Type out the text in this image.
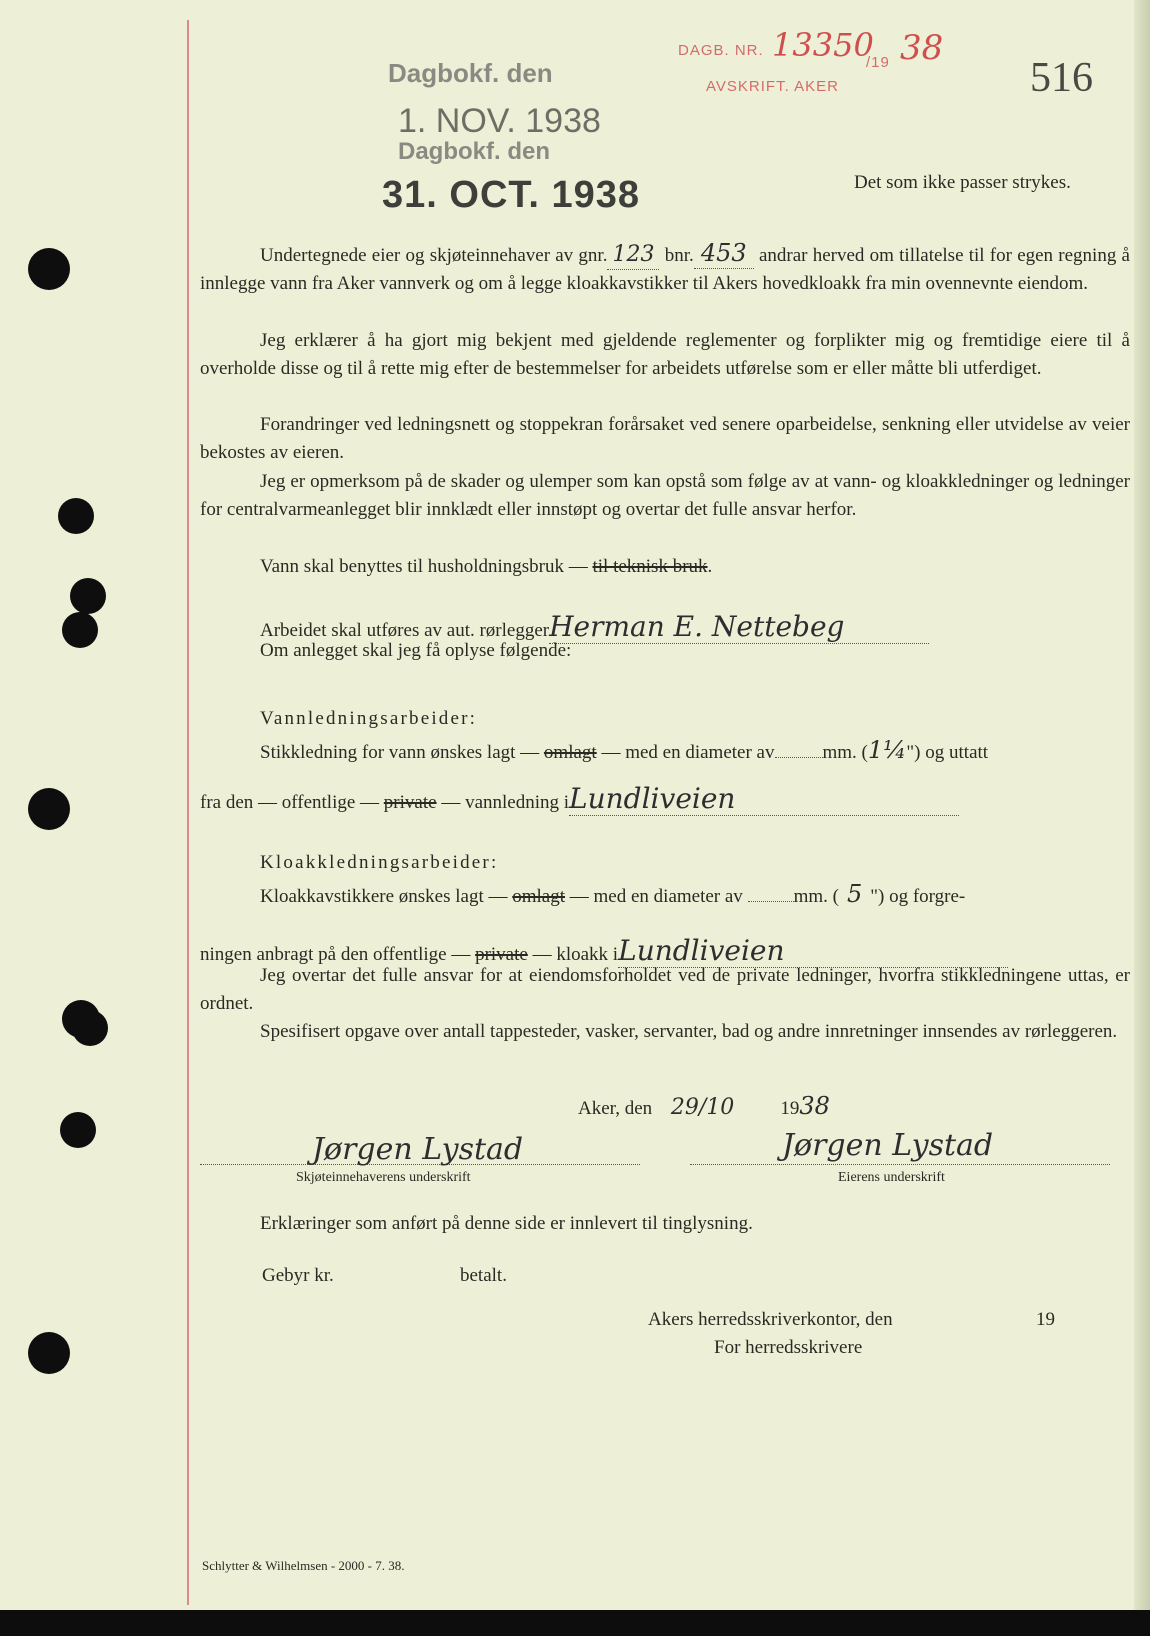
Dagbokf. den
1. NOV. 1938
Dagbokf. den
31. OCT. 1938
DAGB. NR. 13350
/19 38
AVSKRIFT. AKER	516
Det som ikke passer strykes.
Undertegnede eier og skjøteinnehaver av gnr. 123 bnr. 453 andrar herved om tillatelse til for egen regning å innlegge vann fra Aker vannverk og om å legge kloakkavstikker til Akers hovedkloakk fra min ovennevnte eiendom.
Jeg erklærer å ha gjort mig bekjent med gjeldende reglementer og forplikter mig og fremtidige eiere til å overholde disse og til å rette mig efter de bestemmelser for arbeidets utførelse som er eller måtte bli utferdiget.
Forandringer ved ledningsnett og stoppekran forårsaket ved senere oparbeidelse, senkning eller utvidelse av veier bekostes av eieren.
Jeg er opmerksom på de skader og ulemper som kan opstå som følge av at vann- og kloakkledninger og ledninger for centralvarmeanlegget blir innklædt eller innstøpt og overtar det fulle ansvar herfor.
Vann skal benyttes til husholdningsbruk — til teknisk bruk.
Arbeidet skal utføres av aut. rørleggerHerman E. Nettebeg
Om anlegget skal jeg få oplyse følgende:
Vannledningsarbeider:
Stikkledning for vann ønskes lagt — omlagt — med en diameter av	mm. (1¼") og uttatt
fra den — offentlige — private — vannledning iLundliveien
Kloakkledningsarbeider:
Kloakkavstikkere ønskes lagt — omlagt — med en diameter av	mm. ( 5 ") og forgre-
ningen anbragt på den offentlige — private — kloakk iLundliveien
Jeg overtar det fulle ansvar for at eiendomsforholdet ved de private ledninger, hvorfra stikkledningene uttas, er ordnet.
Spesifisert opgave over antall tappesteder, vasker, servanter, bad og andre innretninger innsendes av rørleggeren.
Aker, den 29/10 1938
Jørgen Lystad
Skjøteinnehaverens underskrift
Jørgen Lystad
Eierens underskrift
Erklæringer som anført på denne side er innlevert til tinglysning.
Gebyr kr.	betalt.
Akers herredsskriverkontor, den	19
For herredsskrivere
Schlytter & Wilhelmsen - 2000 - 7. 38.
